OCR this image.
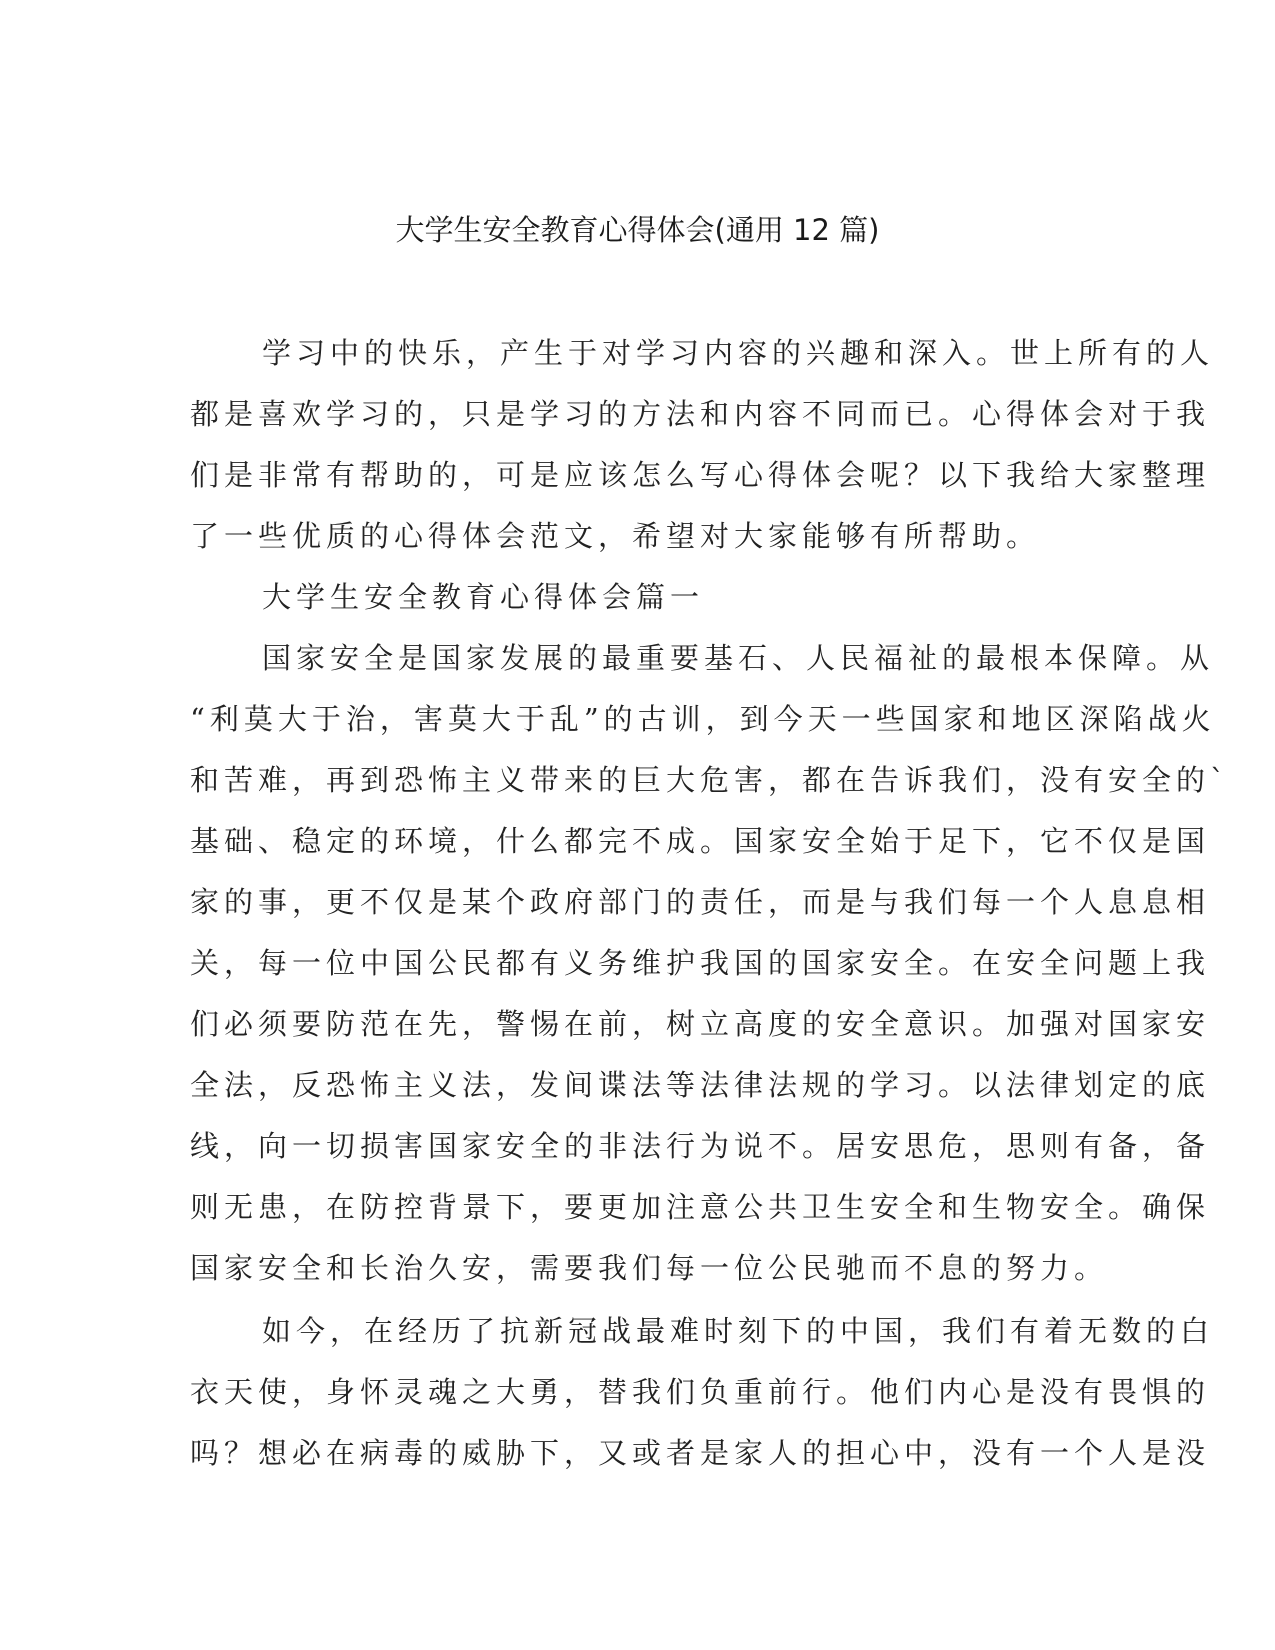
大学生安全教育心得体会(通用 12 篇)
学习中的快乐，产生于对学习内容的兴趣和深入。世上所有的人
都是喜欢学习的，只是学习的方法和内容不同而已。心得体会对于我
们是非常有帮助的，可是应该怎么写心得体会呢？以下我给大家整理
了一些优质的心得体会范文，希望对大家能够有所帮助。
大学生安全教育心得体会篇一
国家安全是国家发展的最重要基石、人民福祉的最根本保障。从
“利莫大于治，害莫大于乱”的古训，到今天一些国家和地区深陷战火
和苦难，再到恐怖主义带来的巨大危害，都在告诉我们，没有安全的`
基础、稳定的环境，什么都完不成。国家安全始于足下，它不仅是国
家的事，更不仅是某个政府部门的责任，而是与我们每一个人息息相
关，每一位中国公民都有义务维护我国的国家安全。在安全问题上我
们必须要防范在先，警惕在前，树立高度的安全意识。加强对国家安
全法，反恐怖主义法，发间谍法等法律法规的学习。以法律划定的底
线，向一切损害国家安全的非法行为说不。居安思危，思则有备，备
则无患，在防控背景下，要更加注意公共卫生安全和生物安全。确保
国家安全和长治久安，需要我们每一位公民驰而不息的努力。
如今，在经历了抗新冠战最难时刻下的中国，我们有着无数的白
衣天使，身怀灵魂之大勇，替我们负重前行。他们内心是没有畏惧的
吗？想必在病毒的威胁下，又或者是家人的担心中，没有一个人是没
